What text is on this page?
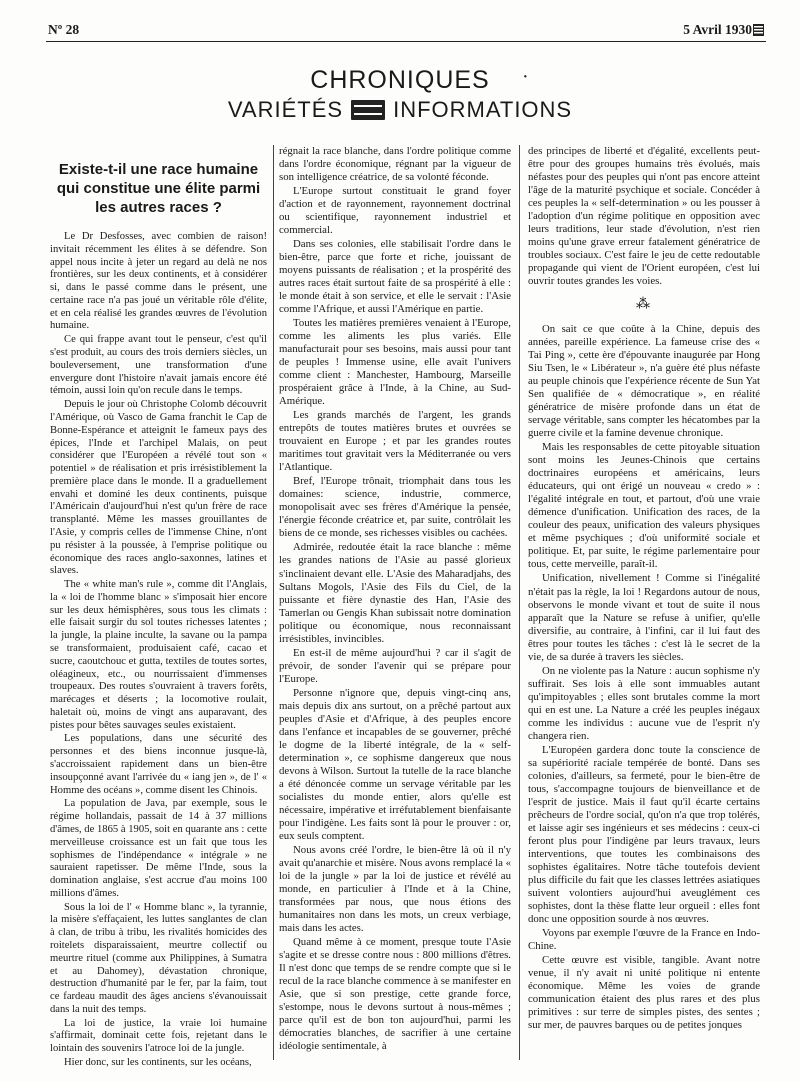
Nº 28	5 Avril 1930
CHRONIQUES	·
VARIÉTÉS INFORMATIONS
Existe-t-il une race humaine qui constitue une élite parmi les autres races ?

Le Dr Desfosses, avec combien de raison! invitait récemment les élites à se défendre. Son appel nous incite à jeter un regard au delà ne nos frontières, sur les deux continents, et à considérer si, dans le passé comme dans le présent, une certaine race n'a pas joué un véritable rôle d'élite, et en cela réalisé les grandes œuvres de l'évolution humaine.

Ce qui frappe avant tout le penseur, c'est qu'il s'est produit, au cours des trois derniers siècles, un bouleversement, une transformation d'une envergure dont l'histoire n'avait jamais encore été témoin, aussi loin qu'on recule dans le temps.

Depuis le jour où Christophe Colomb découvrit l'Amérique, où Vasco de Gama franchit le Cap de Bonne-Espérance et atteignit le fameux pays des épices, l'Inde et l'archipel Malais, on peut considérer que l'Européen a révélé tout son « potentiel » de réalisation et pris irrésistiblement la première place dans le monde. Il a graduellement envahi et dominé les deux continents, puisque l'Américain d'aujourd'hui n'est qu'un frère de race transplanté. Même les masses grouillantes de l'Asie, y compris celles de l'immense Chine, n'ont pu résister à la poussée, à l'emprise politique ou économique des races anglo-saxonnes, latines et slaves.

The « white man's rule », comme dit l'Anglais, la « loi de l'homme blanc » s'imposait hier encore sur les deux hémisphères, sous tous les climats : elle faisait surgir du sol toutes richesses latentes ; la jungle, la plaine inculte, la savane ou la pampa se transformaient, produisaient café, cacao et sucre, caoutchouc et gutta, textiles de toutes sortes, oléagineux, etc., ou nourrissaient d'immenses troupeaux. Des routes s'ouvraient à travers forêts, marécages et déserts ; la locomotive roulait, haletait où, moins de vingt ans auparavant, des pistes pour bêtes sauvages seules existaient.

Les populations, dans une sécurité des personnes et des biens inconnue jusque-là, s'accroissaient rapidement dans un bien-être insoupçonné avant l'arrivée du « iang jen », de l' « Homme des océans », comme disent les Chinois.

La population de Java, par exemple, sous le régime hollandais, passait de 14 à 37 millions d'âmes, de 1865 à 1905, soit en quarante ans : cette merveilleuse croissance est un fait que tous les sophismes de l'indépendance « intégrale » ne sauraient rapetisser. De même l'Inde, sous la domination anglaise, s'est accrue d'au moins 100 millions d'âmes.

Sous la loi de l' « Homme blanc », la tyrannie, la misère s'effaçaient, les luttes sanglantes de clan à clan, de tribu à tribu, les rivalités homicides des roitelets disparaissaient, meurtre collectif ou meurtre rituel (comme aux Philippines, à Sumatra et au Dahomey), dévastation chronique, destruction d'humanité par le fer, par la faim, tout ce fardeau maudit des âges anciens s'évanouissait dans la nuit des temps.

La loi de justice, la vraie loi humaine s'affirmait, dominait cette fois, rejetant dans le lointain des souvenirs l'atroce loi de la jungle.

Hier donc, sur les continents, sur les océans,

régnait la race blanche, dans l'ordre politique comme dans l'ordre économique, régnant par la vigueur de son intelligence créatrice, de sa volonté féconde.

L'Europe surtout constituait le grand foyer d'action et de rayonnement, rayonnement doctrinal ou scientifique, rayonnement industriel et commercial.

Dans ses colonies, elle stabilisait l'ordre dans le bien-être, parce que forte et riche, jouissant de moyens puissants de réalisation ; et la prospérité des autres races était surtout faite de sa prospérité à elle : le monde était à son service, et elle le servait : l'Asie comme l'Afrique, et aussi l'Amérique en partie.

Toutes les matières premières venaient à l'Europe, comme les aliments les plus variés. Elle manufacturait pour ses besoins, mais aussi pour tant de peuples ! Immense usine, elle avait l'univers comme client : Manchester, Hambourg, Marseille prospéraient grâce à l'Inde, à la Chine, au Sud-Amérique.

Les grands marchés de l'argent, les grands entrepôts de toutes matières brutes et ouvrées se trouvaient en Europe ; et par les grandes routes maritimes tout gravitait vers la Méditerranée ou vers l'Atlantique.

Bref, l'Europe trônait, triomphait dans tous les domaines: science, industrie, commerce, monopolisait avec ses frères d'Amérique la pensée, l'énergie féconde créatrice et, par suite, contrôlait les biens de ce monde, ses richesses visibles ou cachées.

Admirée, redoutée était la race blanche : même les grandes nations de l'Asie au passé glorieux s'inclinaient devant elle. L'Asie des Maharadjahs, des Sultans Mogols, l'Asie des Fils du Ciel, de la puissante et fière dynastie des Han, l'Asie des Tamerlan ou Gengis Khan subissait notre domination politique ou économique, nous reconnaissant irrésistibles, invincibles.

En est-il de même aujourd'hui ? car il s'agit de prévoir, de sonder l'avenir qui se prépare pour l'Europe.

Personne n'ignore que, depuis vingt-cinq ans, mais depuis dix ans surtout, on a prêché partout aux peuples d'Asie et d'Afrique, à des peuples encore dans l'enfance et incapables de se gouverner, prêché le dogme de la liberté intégrale, de la « self-determination », ce sophisme dangereux que nous devons à Wilson. Surtout la tutelle de la race blanche a été dénoncée comme un servage véritable par les socialistes du monde entier, alors qu'elle est nécessaire, impérative et irréfutablement bienfaisante pour l'indigène. Les faits sont là pour le prouver : or, eux seuls comptent.

Nous avons créé l'ordre, le bien-être là où il n'y avait qu'anarchie et misère. Nous avons remplacé la « loi de la jungle » par la loi de justice et révélé au monde, en particulier à l'Inde et à la Chine, transformées par nous, que nous étions des humanitaires non dans les mots, un creux verbiage, mais dans les actes.

Quand même à ce moment, presque toute l'Asie s'agite et se dresse contre nous : 800 millions d'êtres. Il n'est donc que temps de se rendre compte que si le recul de la race blanche commence à se manifester en Asie, que si son prestige, cette grande force, s'estompe, nous le devons surtout à nous-mêmes ; parce qu'il est de bon ton aujourd'hui, parmi les démocraties blanches, de sacrifier à une certaine idéologie sentimentale, à

des principes de liberté et d'égalité, excellents peut-être pour des groupes humains très évolués, mais néfastes pour des peuples qui n'ont pas encore atteint l'âge de la maturité psychique et sociale. Concéder à ces peuples la « self-determination » ou les pousser à l'adoption d'un régime politique en opposition avec leurs traditions, leur stade d'évolution, n'est rien moins qu'une grave erreur fatalement génératrice de troubles sociaux. C'est faire le jeu de cette redoutable propagande qui vient de l'Orient européen, c'est lui ouvrir toutes grandes les voies.

⁂

On sait ce que coûte à la Chine, depuis des années, pareille expérience. La fameuse crise des « Tai Ping », cette ère d'épouvante inaugurée par Hong Siu Tsen, le « Libérateur », n'a guère été plus néfaste au peuple chinois que l'expérience récente de Sun Yat Sen qualifiée de « démocratique », en réalité génératrice de misère profonde dans un état de servage véritable, sans compter les hécatombes par la guerre civile et la famine devenue chronique.

Mais les responsables de cette pitoyable situation sont moins les Jeunes-Chinois que certains doctrinaires européens et américains, leurs éducateurs, qui ont érigé un nouveau « credo » : l'égalité intégrale en tout, et partout, d'où une vraie démence d'unification. Unification des races, de la couleur des peaux, unification des valeurs physiques et même psychiques ; d'où uniformité sociale et politique. Et, par suite, le régime parlementaire pour tous, cette merveille, paraît-il.

Unification, nivellement ! Comme si l'inégalité n'était pas la règle, la loi ! Regardons autour de nous, observons le monde vivant et tout de suite il nous apparaît que la Nature se refuse à unifier, qu'elle diversifie, au contraire, à l'infini, car il lui faut des êtres pour toutes les tâches : c'est là le secret de la vie, de sa durée à travers les siècles.

On ne violente pas la Nature : aucun sophisme n'y suffirait. Ses lois à elle sont immuables autant qu'impitoyables ; elles sont brutales comme la mort qui en est une. La Nature a créé les peuples inégaux comme les individus : aucune vue de l'esprit n'y changera rien.

L'Européen gardera donc toute la conscience de sa supériorité raciale tempérée de bonté. Dans ses colonies, d'ailleurs, sa fermeté, pour le bien-être de tous, s'accompagne toujours de bienveillance et de l'esprit de justice. Mais il faut qu'il écarte certains prêcheurs de l'ordre social, qu'on n'a que trop tolérés, et laisse agir ses ingénieurs et ses médecins : ceux-ci feront plus pour l'indigène par leurs travaux, leurs interventions, que toutes les combinaisons des sophistes égalitaires. Notre tâche toutefois devient plus difficile du fait que les classes lettrées asiatiques suivent volontiers aujourd'hui aveuglément ces sophistes, dont la thèse flatte leur orgueil : elles font donc une opposition sourde à nos œuvres.

Voyons par exemple l'œuvre de la France en Indo-Chine.

Cette œuvre est visible, tangible. Avant notre venue, il n'y avait ni unité politique ni entente économique. Même les voies de grande communication étaient des plus rares et des plus primitives : sur terre de simples pistes, des sentes ; sur mer, de pauvres barques ou de petites jonques
